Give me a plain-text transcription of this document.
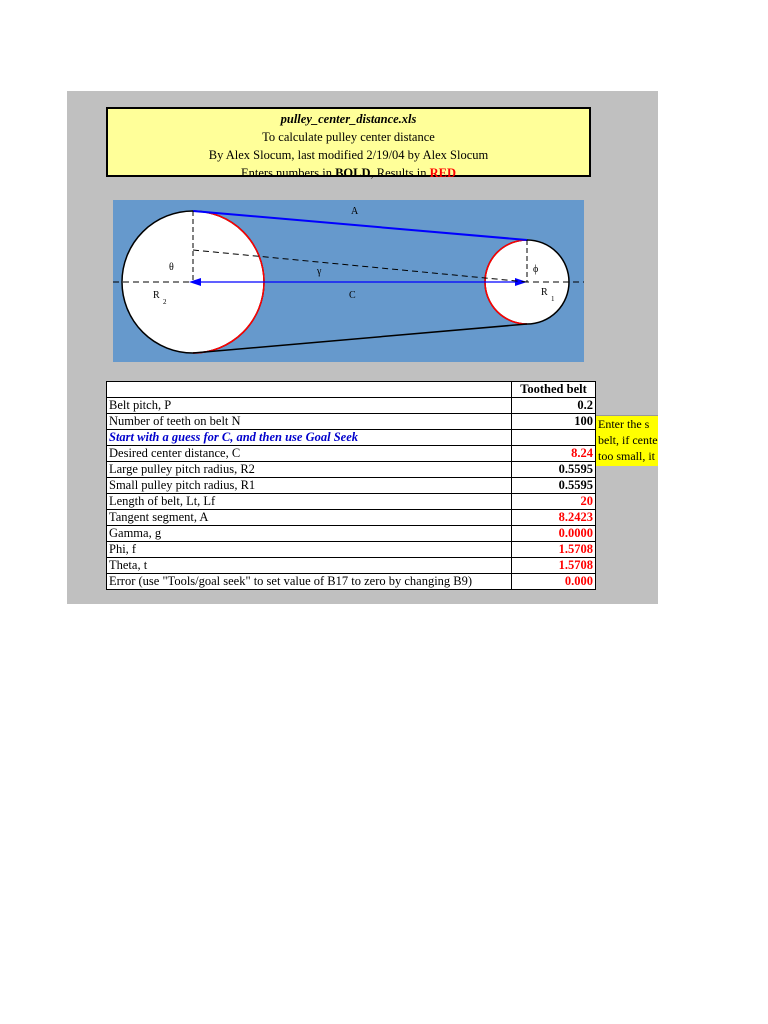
pulley_center_distance.xls
To calculate pulley center distance
By Alex Slocum, last modified 2/19/04 by Alex Slocum
Enters numbers in BOLD, Results in RED
A
C
γ
θ	ϕ
R
2
R
1
	Toothed belt
Belt pitch, P	0.2
Number of teeth on belt N	100
Start with a guess for C, and then use Goal Seek	
Desired center distance, C	8.24
Large pulley pitch radius, R2	0.5595
Small pulley pitch radius, R1	0.5595
Length of belt, Lt, Lf	20
Tangent segment, A	8.2423
Gamma, g	0.0000
Phi, f	1.5708
Theta, t	1.5708
Error (use "Tools/goal seek" to set value of B17 to zero by changing B9)	0.000
Enter the s
belt, if cente
too small, it
